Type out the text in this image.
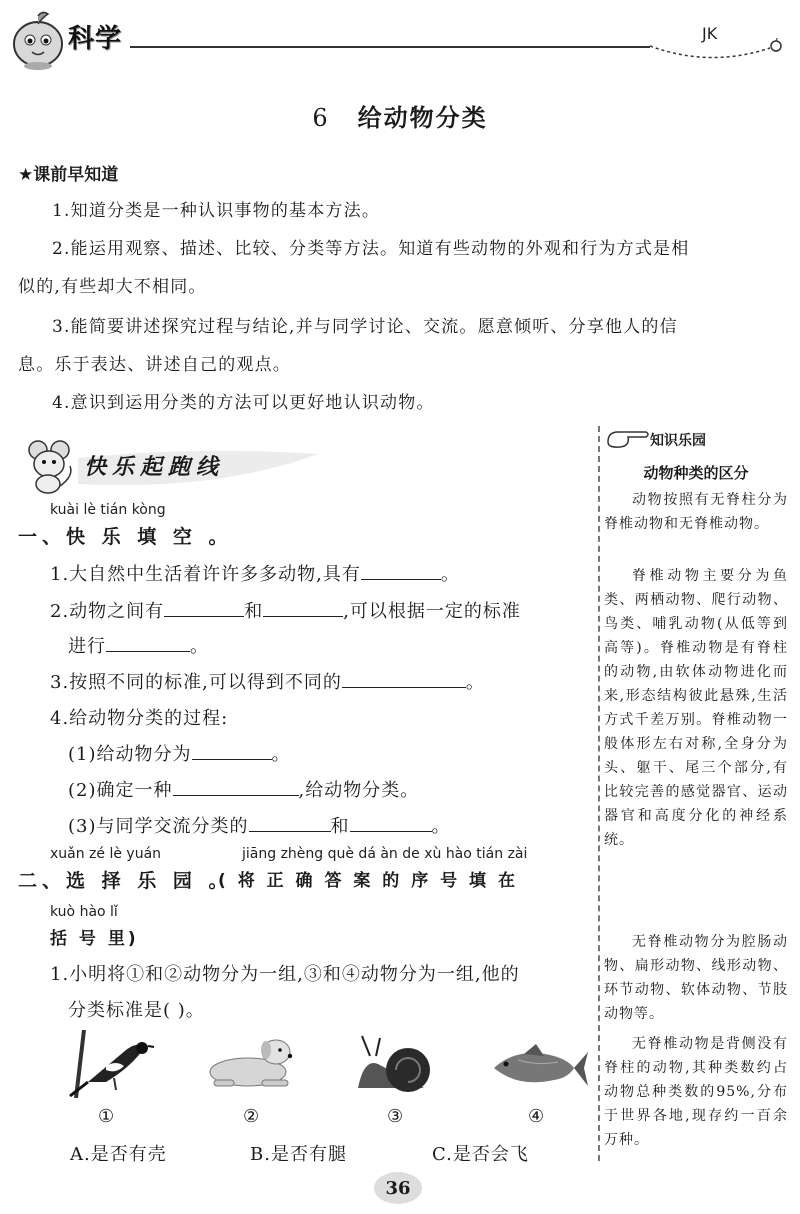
科学	JK
6 给动物分类
★课前早知道
1.知道分类是一种认识事物的基本方法。
2.能运用观察、描述、比较、分类等方法。知道有些动物的外观和行为方式是相
似的,有些却大不相同。
3.能简要讲述探究过程与结论,并与同学讨论、交流。愿意倾听、分享他人的信
息。乐于表达、讲述自己的观点。
4.意识到运用分类的方法可以更好地认识动物。
快乐起跑线
kuài lè tián kòng
一、快 乐 填 空 。
1.大自然中生活着许许多多动物,具有	。
2.动物之间有	和	,可以根据一定的标准
进行	。
3.按照不同的标准,可以得到不同的	。
4.给动物分类的过程:
(1)给动物分为	。
(2)确定一种	,给动物分类。
(3)与同学交流分类的	和	。
xuǎn zé lè yuán	jiāng zhèng què dá àn de xù hào tián zài
二、选 择 乐 园 。
( 将 正 确 答 案 的 序 号 填 在
kuò hào lǐ
括 号 里)
1.小明将①和②动物分为一组,③和④动物分为一组,他的
分类标准是( )。
①	②	③	④
A.是否有壳	B.是否有腿	C.是否会飞
知识乐园
动物种类的区分
动物按照有无脊柱分为脊椎动物和无脊椎动物。
脊椎动物主要分为鱼类、两栖动物、爬行动物、鸟类、哺乳动物(从低等到高等)。脊椎动物是有脊柱的动物,由软体动物进化而来,形态结构彼此悬殊,生活方式千差万别。脊椎动物一般体形左右对称,全身分为头、躯干、尾三个部分,有比较完善的感觉器官、运动器官和高度分化的神经系统。
无脊椎动物分为腔肠动物、扁形动物、线形动物、环节动物、软体动物、节肢动物等。
无脊椎动物是背侧没有脊柱的动物,其种类数约占动物总种类数的95%,分布于世界各地,现存约一百余万种。
36
